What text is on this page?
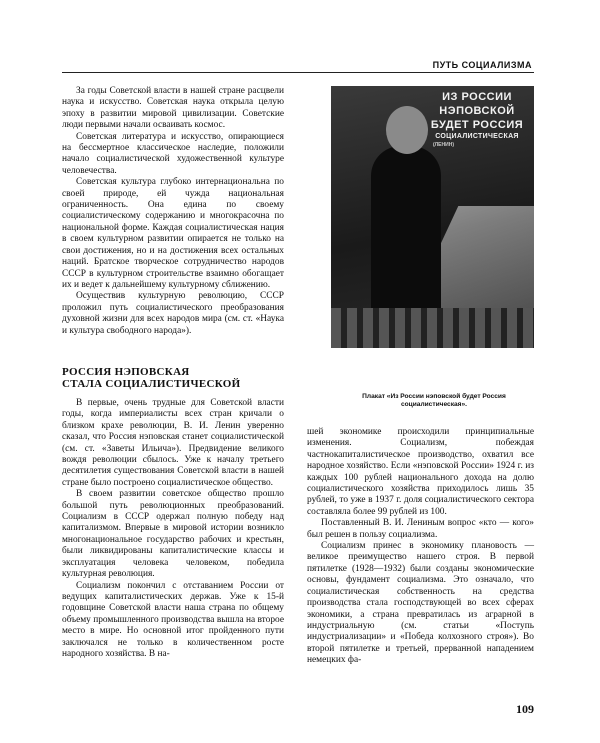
ПУТЬ СОЦИАЛИЗМА

За годы Советской власти в нашей стране расцвели наука и искусство. Советская наука открыла целую эпоху в развитии мировой цивилизации. Советские люди первыми начали осваивать космос.

Советская литература и искусство, опирающиеся на бессмертное классическое наследие, положили начало социалистической художественной культуре человечества.

Советская культура глубоко интернациональна по своей природе, ей чужда национальная ограниченность. Она едина по своему социалистическому содержанию и многокрасочна по национальной форме. Каждая социалистическая нация в своем культурном развитии опирается не только на свои достижения, но и на достижения всех остальных наций. Братское творческое сотрудничество народов СССР в культурном строительстве взаимно обогащает их и ведет к дальнейшему культурному сближению.

Осуществив культурную революцию, СССР проложил путь социалистического преобразования духовной жизни для всех народов мира (см. ст. «Наука и культура свободного народа»).

ИЗ РОССИИ
НЭПОВСКОЙ
БУДЕТ РОССИЯ
СОЦИАЛИСТИЧЕСКАЯ
(ЛЕНИН)
Плакат «Из России нэповской будет Россия социалистическая».
РОССИЯ НЭПОВСКАЯ
СТАЛА СОЦИАЛИСТИЧЕСКОЙ

В первые, очень трудные для Советской власти годы, когда империалисты всех стран кричали о близком крахе революции, В. И. Ленин уверенно сказал, что Россия нэповская станет социалистической (см. ст. «Заветы Ильича»). Предвидение великого вождя революции сбылось. Уже к началу третьего десятилетия существования Советской власти в нашей стране было построено социалистическое общество.

В своем развитии советское общество прошло большой путь революционных преобразований. Социализм в СССР одержал полную победу над капитализмом. Впервые в мировой истории возникло многонациональное государство рабочих и крестьян, были ликвидированы капиталистические классы и эксплуатация человека человеком, победила культурная революция.

Социализм покончил с отставанием России от ведущих капиталистических держав. Уже к 15-й годовщине Советской власти наша страна по общему объему промышленного производства вышла на второе место в мире. Но основной итог пройденного пути заключался не только в количественном росте народного хозяйства. В на-

шей экономике происходили принципиальные изменения. Социализм, побеждая частнокапиталистическое производство, охватил все народное хозяйство. Если «нэповской России» 1924 г. из каждых 100 рублей национального дохода на долю социалистического хозяйства приходилось лишь 35 рублей, то уже в 1937 г. доля социалистического сектора составляла более 99 рублей из 100.

Поставленный В. И. Лениным вопрос «кто — кого» был решен в пользу социализма.

Социализм принес в экономику плановость — великое преимущество нашего строя. В первой пятилетке (1928—1932) были созданы экономические основы, фундамент социализма. Это означало, что социалистическая собственность на средства производства стала господствующей во всех сферах экономики, а страна превратилась из аграрной в индустриальную (см. статьи «Поступь индустриализации» и «Победа колхозного строя»). Во второй пятилетке и третьей, прерванной нападением немецких фа-

109
